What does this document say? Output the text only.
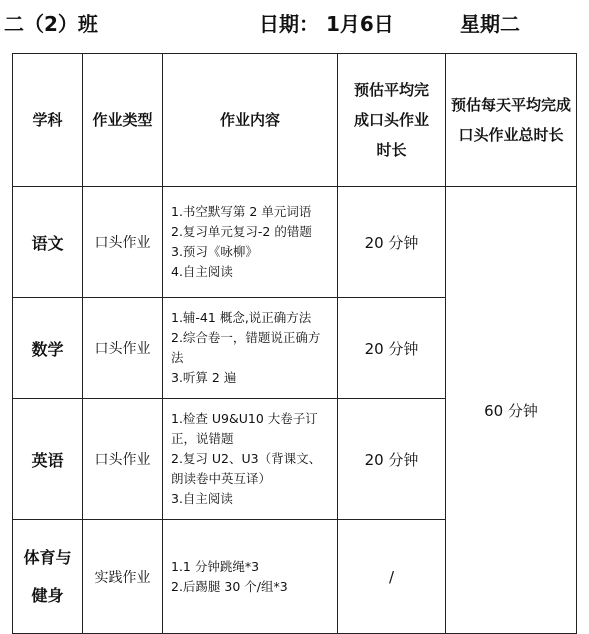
二（2）班	日期： 1月6日	星期二
学科	作业类型	作业内容	预估平均完成口头作业时长	预估每天平均完成口头作业总时长
语文	口头作业	1.书空默写第 2 单元词语
2.复习单元复习-2 的错题
3.预习《咏柳》
4.自主阅读	20 分钟	60 分钟
数学	口头作业	1.辅-41 概念,说正确方法
2.综合卷一，错题说正确方法
3.听算 2 遍	20 分钟	
英语	口头作业	1.检查 U9&U10 大卷子订正，说错题
2.复习 U2、U3（背课文、朗读卷中英互译）
3.自主阅读	20 分钟	
体育与健身	实践作业	1.1 分钟跳绳*3
2.后踢腿 30 个/组*3	/	
